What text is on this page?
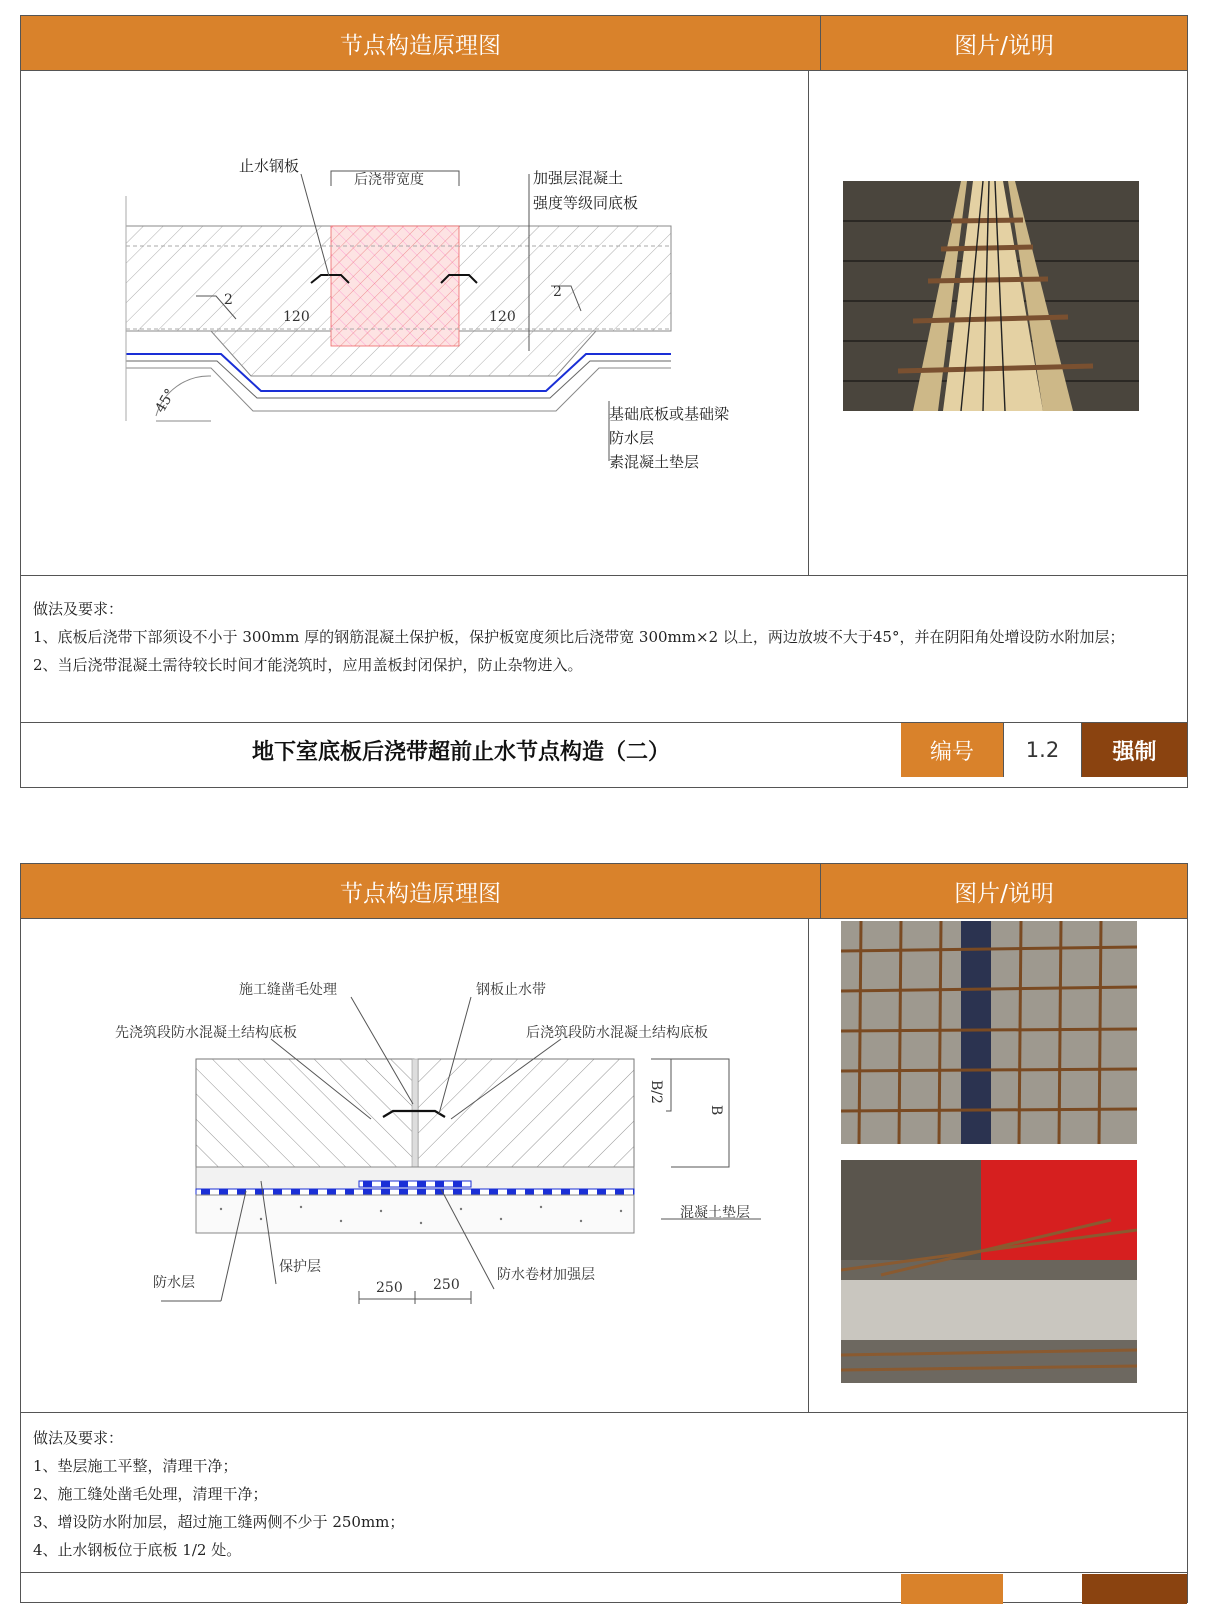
节点构造原理图	图片/说明
2	2
120	120
45°
止水钢板
后浇带宽度	加强层混凝土
强度等级同底板
基础底板或基础梁
防水层
素混凝土垫层
做法及要求：
1、底板后浇带下部须设不小于 300mm 厚的钢筋混凝土保护板，保护板宽度须比后浇带宽 300mm×2 以上，两边放坡不大于45°，并在阴阳角处增设防水附加层；
2、当后浇带混凝土需待较长时间才能浇筑时，应用盖板封闭保护，防止杂物进入。
地下室底板后浇带超前止水节点构造（二）	编号	1.2	强制
节点构造原理图	图片/说明
B/2
B
250 250
施工缝凿毛处理	钢板止水带
先浇筑段防水混凝土结构底板	后浇筑段防水混凝土结构底板
混凝土垫层
防水层
保护层	防水卷材加强层
做法及要求：
1、垫层施工平整，清理干净；
2、施工缝处凿毛处理，清理干净；
3、增设防水附加层，超过施工缝两侧不少于 250mm；
4、止水钢板位于底板 1/2 处。
